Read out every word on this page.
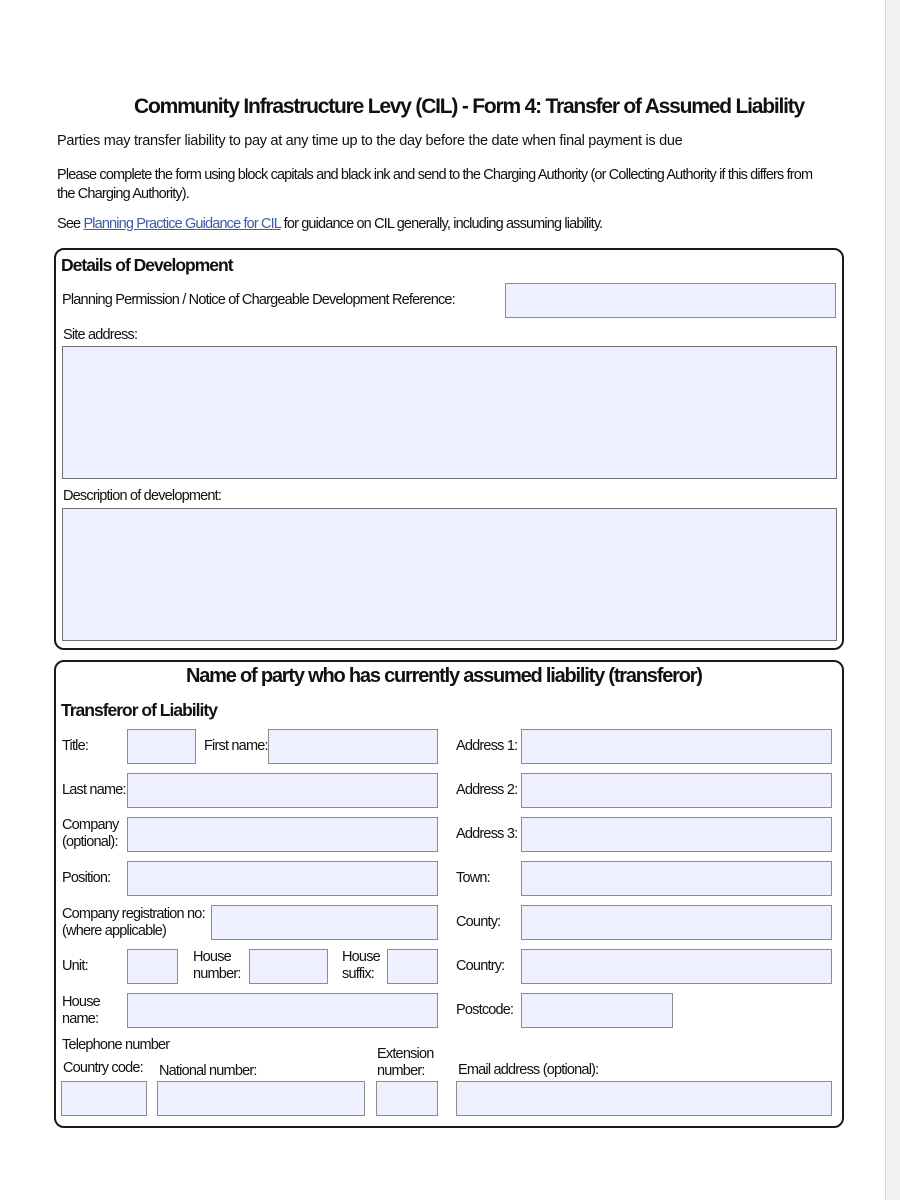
Community Infrastructure Levy (CIL) - Form 4: Transfer of Assumed Liability
Parties may transfer liability to pay at any time up to the day before the date when final payment is due
Please complete the form using block capitals and black ink and send to the Charging Authority (or Collecting Authority if this differs from
the Charging Authority).
See Planning Practice Guidance for CIL for guidance on CIL generally, including assuming liability.
Details of Development
Planning Permission / Notice of Chargeable Development Reference:
Site address:
Description of development:
Name of party who has currently assumed liability (transferor)
Transferor of Liability
Title:	First name:
Last name:
Company
(optional):
Position:
Company registration no:
(where applicable)
Unit:
House
number:
House
suffix:
House
name:
Telephone number
Country code: National number:
Extension
number:
Address 1:
Address 2:
Address 3:
Town:
County:
Country:
Postcode:
Email address (optional):
